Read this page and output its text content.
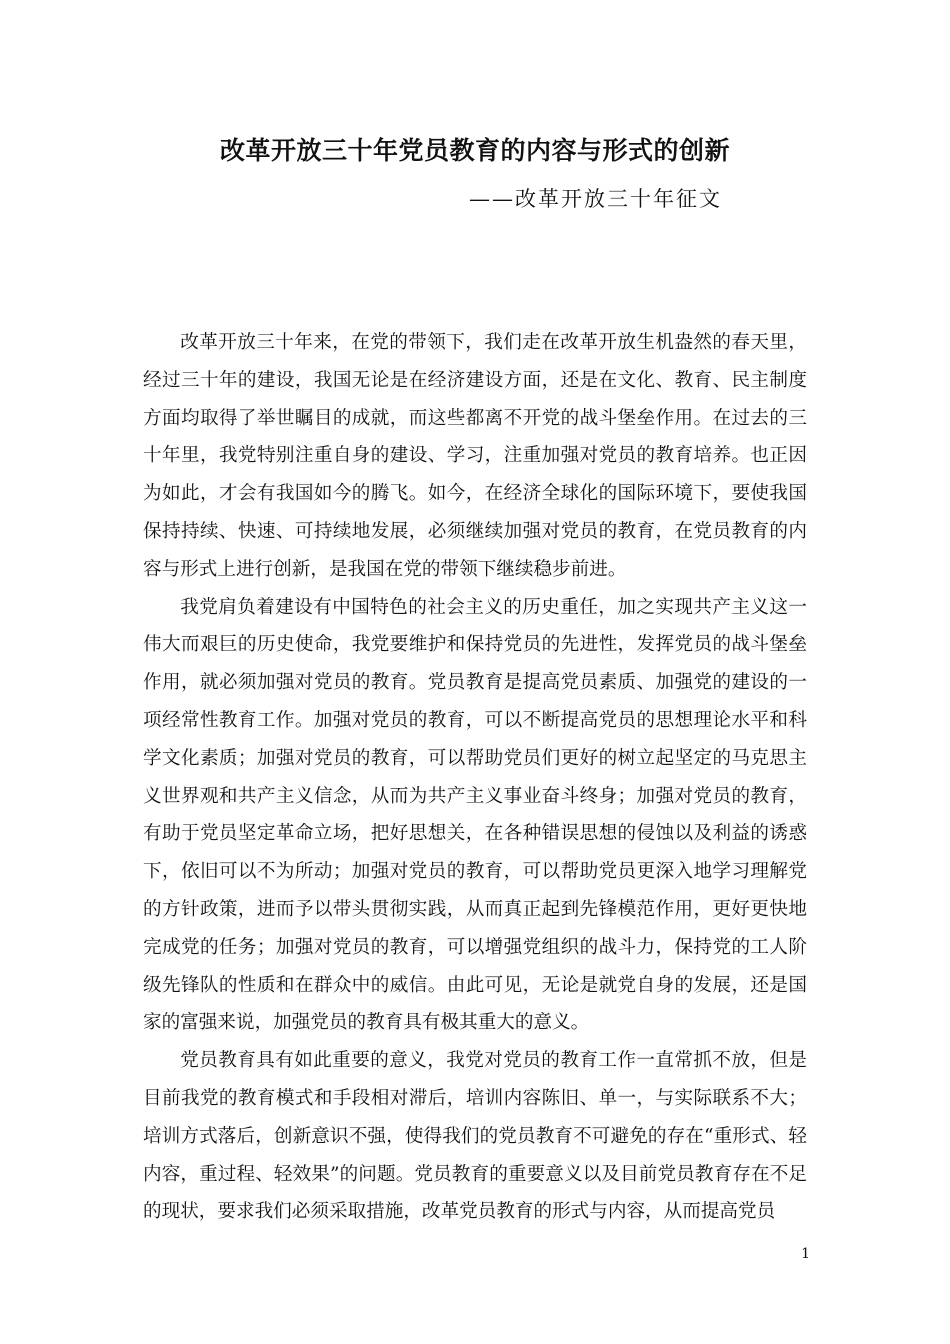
改革开放三十年党员教育的内容与形式的创新
——改革开放三十年征文

改革开放三十年来，在党的带领下，我们走在改革开放生机盎然的春天里，经过三十年的建设，我国无论是在经济建设方面，还是在文化、教育、民主制度方面均取得了举世瞩目的成就，而这些都离不开党的战斗堡垒作用。在过去的三十年里，我党特别注重自身的建设、学习，注重加强对党员的教育培养。也正因为如此，才会有我国如今的腾飞。如今，在经济全球化的国际环境下，要使我国保持持续、快速、可持续地发展，必须继续加强对党员的教育，在党员教育的内容与形式上进行创新，是我国在党的带领下继续稳步前进。

我党肩负着建设有中国特色的社会主义的历史重任，加之实现共产主义这一伟大而艰巨的历史使命，我党要维护和保持党员的先进性，发挥党员的战斗堡垒作用，就必须加强对党员的教育。党员教育是提高党员素质、加强党的建设的一项经常性教育工作。加强对党员的教育，可以不断提高党员的思想理论水平和科学文化素质；加强对党员的教育，可以帮助党员们更好的树立起坚定的马克思主义世界观和共产主义信念，从而为共产主义事业奋斗终身；加强对党员的教育，有助于党员坚定革命立场，把好思想关，在各种错误思想的侵蚀以及利益的诱惑下，依旧可以不为所动；加强对党员的教育，可以帮助党员更深入地学习理解党的方针政策，进而予以带头贯彻实践，从而真正起到先锋模范作用，更好更快地完成党的任务；加强对党员的教育，可以增强党组织的战斗力，保持党的工人阶级先锋队的性质和在群众中的威信。由此可见，无论是就党自身的发展，还是国家的富强来说，加强党员的教育具有极其重大的意义。

党员教育具有如此重要的意义，我党对党员的教育工作一直常抓不放，但是目前我党的教育模式和手段相对滞后，培训内容陈旧、单一，与实际联系不大；培训方式落后，创新意识不强，使得我们的党员教育不可避免的存在“重形式、轻内容，重过程、轻效果”的问题。党员教育的重要意义以及目前党员教育存在不足的现状，要求我们必须采取措施，改革党员教育的形式与内容，从而提高党员

1
